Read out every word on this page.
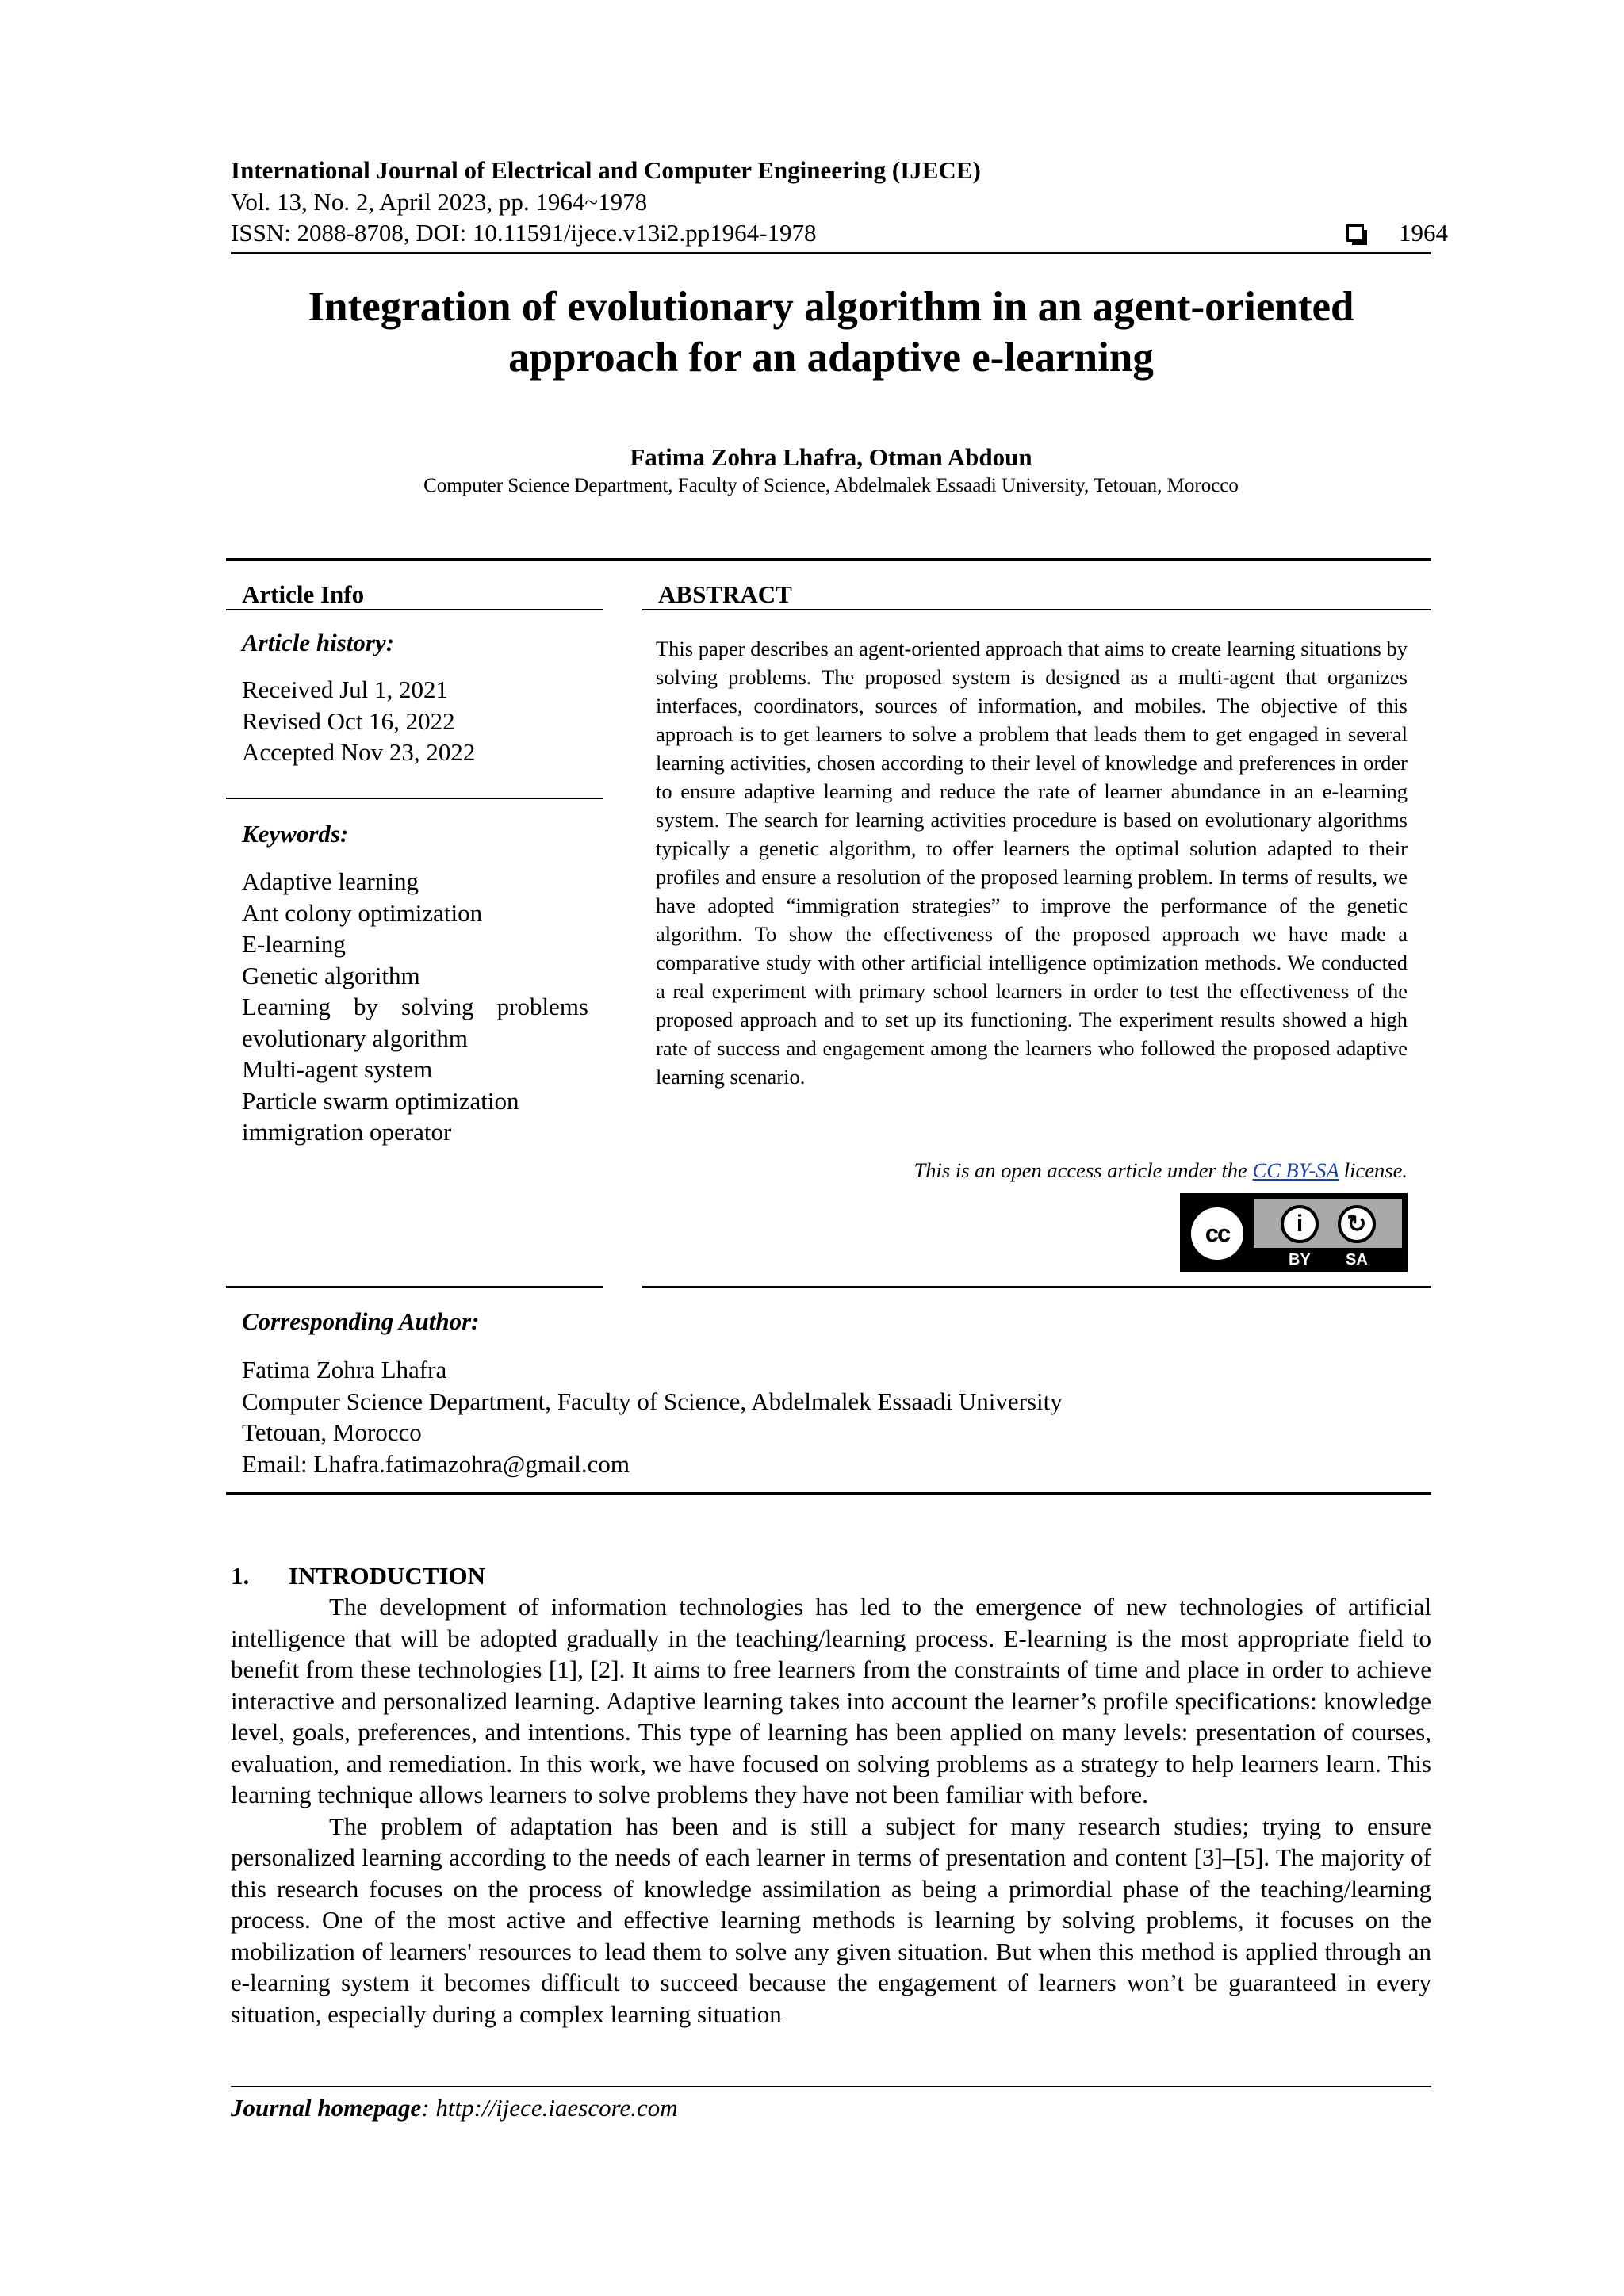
International Journal of Electrical and Computer Engineering (IJECE)
Vol. 13, No. 2, April 2023, pp. 1964~1978
ISSN: 2088-8708, DOI: 10.11591/ijece.v13i2.pp1964-1978	1964
Integration of evolutionary algorithm in an agent-oriented
approach for an adaptive e-learning
Fatima Zohra Lhafra, Otman Abdoun
Computer Science Department, Faculty of Science, Abdelmalek Essaadi University, Tetouan, Morocco
Article Info	ABSTRACT
Article history:
Received Jul 1, 2021
Revised Oct 16, 2022
Accepted Nov 23, 2022
Keywords:
Adaptive learning
Ant colony optimization
E-learning
Genetic algorithm
Learning by solving problems
evolutionary algorithm
Multi-agent system
Particle swarm optimization
immigration operator
This paper describes an agent-oriented approach that aims to create learning situations by solving problems. The proposed system is designed as a multi-agent that organizes interfaces, coordinators, sources of information, and mobiles. The objective of this approach is to get learners to solve a problem that leads them to get engaged in several learning activities, chosen according to their level of knowledge and preferences in order to ensure adaptive learning and reduce the rate of learner abundance in an e-learning system. The search for learning activities procedure is based on evolutionary algorithms typically a genetic algorithm, to offer learners the optimal solution adapted to their profiles and ensure a resolution of the proposed learning problem. In terms of results, we have adopted “immigration strategies” to improve the performance of the genetic algorithm. To show the effectiveness of the proposed approach we have made a comparative study with other artificial intelligence optimization methods. We conducted a real experiment with primary school learners in order to test the effectiveness of the proposed approach and to set up its functioning. The experiment results showed a high rate of success and engagement among the learners who followed the proposed adaptive learning scenario.
This is an open access article under the CC BY-SA license.
cc	i	↻
BY SA
Corresponding Author:
Fatima Zohra Lhafra
Computer Science Department, Faculty of Science, Abdelmalek Essaadi University
Tetouan, Morocco
Email: Lhafra.fatimazohra@gmail.com
1. INTRODUCTION

The development of information technologies has led to the emergence of new technologies of artificial intelligence that will be adopted gradually in the teaching/learning process. E-learning is the most appropriate field to benefit from these technologies [1], [2]. It aims to free learners from the constraints of time and place in order to achieve interactive and personalized learning. Adaptive learning takes into account the learner’s profile specifications: knowledge level, goals, preferences, and intentions. This type of learning has been applied on many levels: presentation of courses, evaluation, and remediation. In this work, we have focused on solving problems as a strategy to help learners learn. This learning technique allows learners to solve problems they have not been familiar with before.

The problem of adaptation has been and is still a subject for many research studies; trying to ensure personalized learning according to the needs of each learner in terms of presentation and content [3]–[5]. The majority of this research focuses on the process of knowledge assimilation as being a primordial phase of the teaching/learning process. One of the most active and effective learning methods is learning by solving problems, it focuses on the mobilization of learners' resources to lead them to solve any given situation. But when this method is applied through an e-learning system it becomes difficult to succeed because the engagement of learners won’t be guaranteed in every situation, especially during a complex learning situation

Journal homepage: http://ijece.iaescore.com
